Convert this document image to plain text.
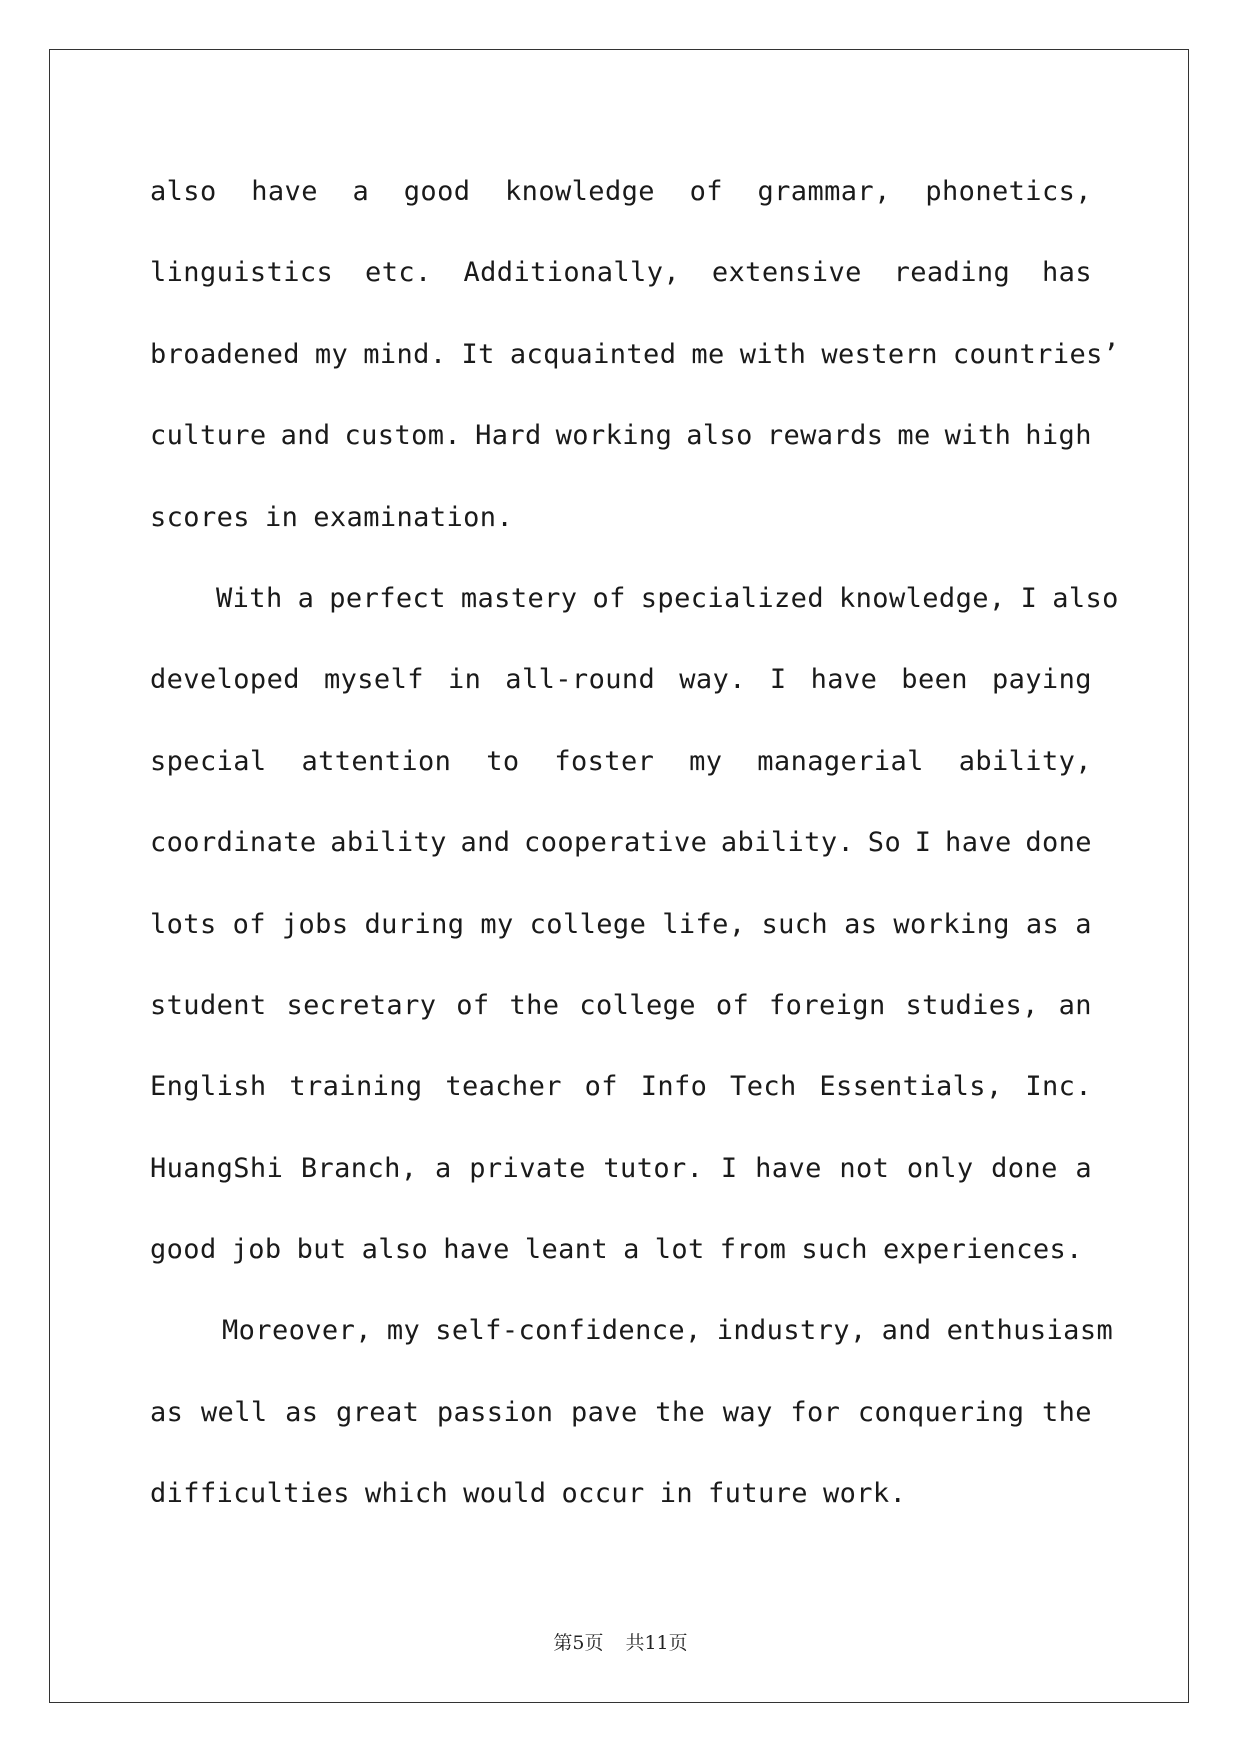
also have a good knowledge of grammar, phonetics,
linguistics etc. Additionally, extensive reading has
broadened my mind. It acquainted me with western countries’
culture and custom. Hard working also rewards me with high
scores in examination.
With a perfect mastery of specialized knowledge, I also
developed myself in all-round way. I have been paying
special attention to foster my managerial ability,
coordinate ability and cooperative ability. So I have done
lots of jobs during my college life, such as working as a
student secretary of the college of foreign studies, an
English training teacher of Info Tech Essentials, Inc.
HuangShi Branch, a private tutor. I have not only done a
good job but also have leant a lot from such experiences.
Moreover, my self-confidence, industry, and enthusiasm
as well as great passion pave the way for conquering the
difficulties which would occur in future work.
第5页 共11页
